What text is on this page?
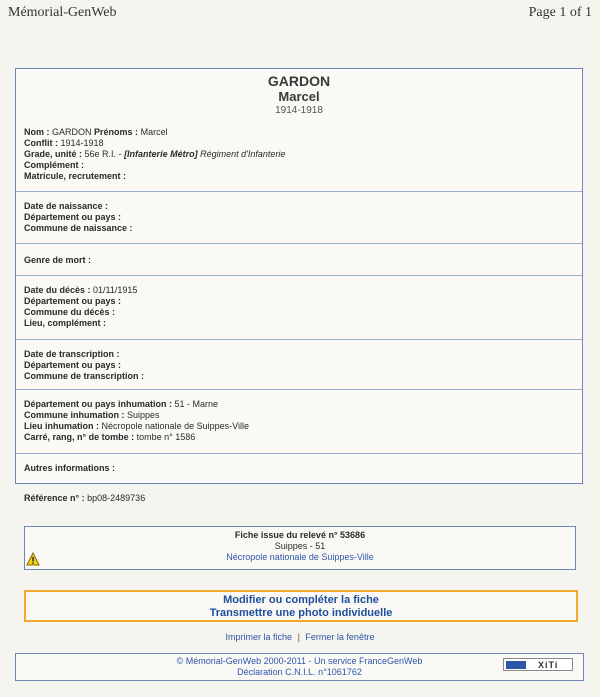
Mémorial-GenWeb	Page 1 of 1
GARDON
Marcel
1914-1918
Nom : GARDON Prénoms : Marcel
Conflit : 1914-1918
Grade, unité : 56e R.I. - [Infanterie Métro] Régiment d'Infanterie
Complément :
Matricule, recrutement :
Date de naissance :
Département ou pays :
Commune de naissance :
Genre de mort :
Date du décès : 01/11/1915
Département ou pays :
Commune du décès :
Lieu, complément :
Date de transcription :
Département ou pays :
Commune de transcription :
Département ou pays inhumation : 51 - Marne
Commune inhumation : Suippes
Lieu inhumation : Nécropole nationale de Suippes-Ville
Carré, rang, n° de tombe : tombe n° 1586
Autres informations :
Référence n° : bp08-2489736
Fiche issue du relevé n° 53686
Suippes - 51
Nécropole nationale de Suippes-Ville
Modifier ou compléter la fiche
Transmettre une photo individuelle
Imprimer la fiche | Fermer la fenêtre
© Mémorial-GenWeb 2000-2011 - Un service FranceGenWeb
Déclaration C.N.I.L. n°1061762
XiTi
